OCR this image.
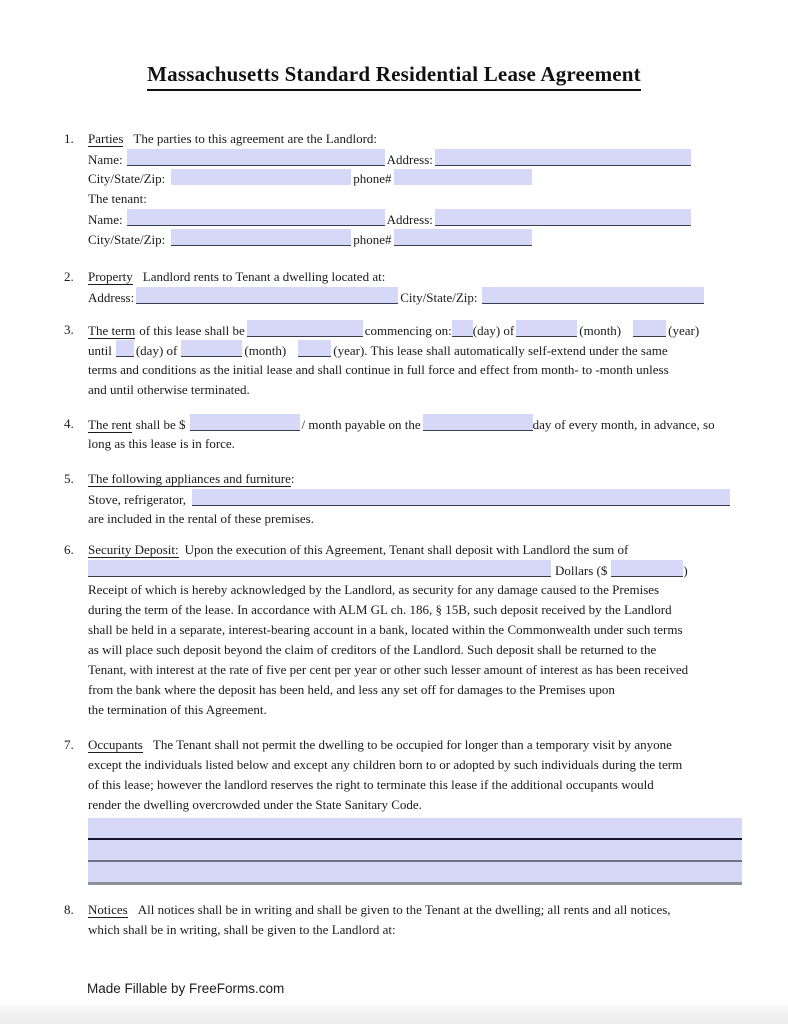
Massachusetts Standard Residential Lease Agreement
1.	Parties The parties to this agreement are the Landlord:
Name:	Address:
City/State/Zip:	phone#
The tenant:
Name:	Address:
City/State/Zip:	phone#
2.	Property Landlord rents to Tenant a dwelling located at:
Address:	City/State/Zip:
3.	The term of this lease shall be	commencing on: (day) of	(month)	(year)
until (day) of	(month)	(year). This lease shall automatically self-extend under the same
terms and conditions as the initial lease and shall continue in full force and effect from month- to -month unless
and until otherwise terminated.
4.	The rent shall be $	/ month payable on the	day of every month, in advance, so
long as this lease is in force.
5.	The following appliances and furniture:
Stove, refrigerator,
are included in the rental of these premises.
6.	Security Deposit: Upon the execution of this Agreement, Tenant shall deposit with Landlord the sum of
Dollars ($	)
Receipt of which is hereby acknowledged by the Landlord, as security for any damage caused to the Premises
during the term of the lease. In accordance with ALM GL ch. 186, § 15B, such deposit received by the Landlord
shall be held in a separate, interest-bearing account in a bank, located within the Commonwealth under such terms
as will place such deposit beyond the claim of creditors of the Landlord. Such deposit shall be returned to the
Tenant, with interest at the rate of five per cent per year or other such lesser amount of interest as has been received
from the bank where the deposit has been held, and less any set off for damages to the Premises upon
the termination of this Agreement.
7.	Occupants The Tenant shall not permit the dwelling to be occupied for longer than a temporary visit by anyone
except the individuals listed below and except any children born to or adopted by such individuals during the term
of this lease; however the landlord reserves the right to terminate this lease if the additional occupants would
render the dwelling overcrowded under the State Sanitary Code.
8.	Notices All notices shall be in writing and shall be given to the Tenant at the dwelling; all rents and all notices,
which shall be in writing, shall be given to the Landlord at:
Made Fillable by FreeForms.com
